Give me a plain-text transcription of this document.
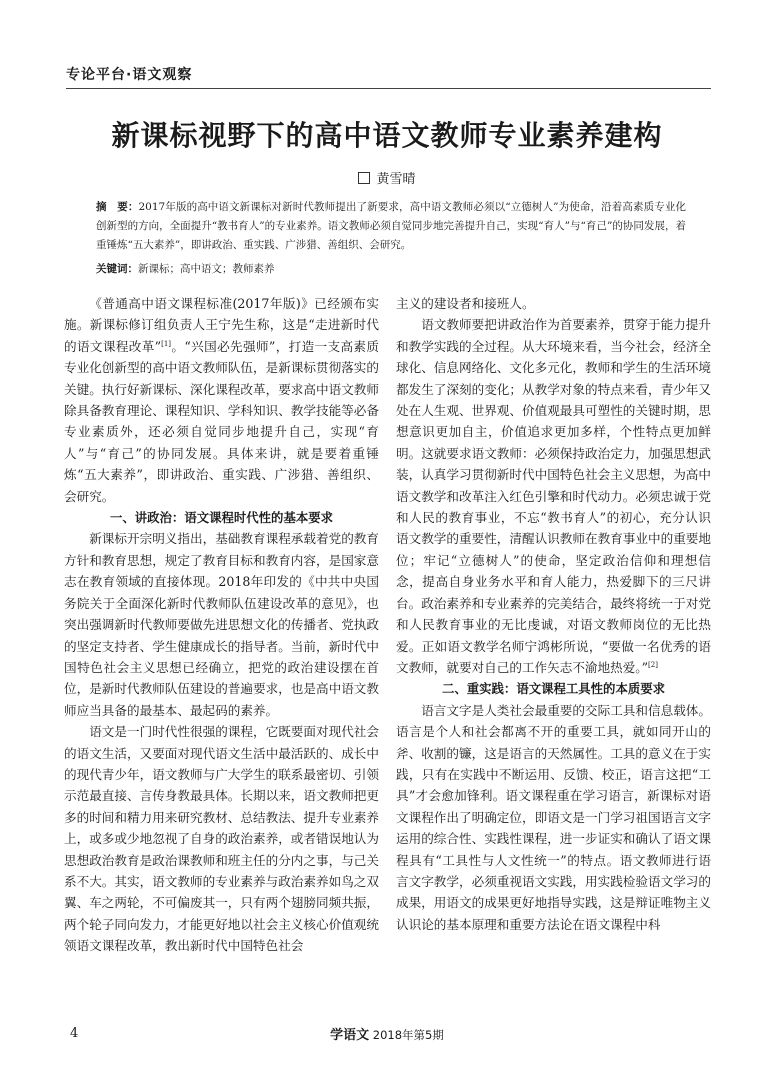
专论平台·语文观察
新课标视野下的高中语文教师专业素养建构
黄雪晴
摘　要：2017年版的高中语文新课标对新时代教师提出了新要求，高中语文教师必须以“立德树人”为使命，沿着高素质专业化创新型的方向，全面提升“教书育人”的专业素养。语文教师必须自觉同步地完善提升自己，实现“育人”与“育己”的协同发展，着重锤炼“五大素养”，即讲政治、重实践、广涉猎、善组织、会研究。
关键词：新课标；高中语文；教师素养

《普通高中语文课程标准(2017年版)》已经颁布实施。新课标修订组负责人王宁先生称，这是“走进新时代的语文课程改革”[1]。“兴国必先强师”，打造一支高素质专业化创新型的高中语文教师队伍，是新课标贯彻落实的关键。执行好新课标、深化课程改革，要求高中语文教师除具备教育理论、课程知识、学科知识、教学技能等必备专业素质外，还必须自觉同步地提升自己，实现“育人”与“育己”的协同发展。具体来讲，就是要着重锤炼“五大素养”，即讲政治、重实践、广涉猎、善组织、会研究。

一、讲政治：语文课程时代性的基本要求

新课标开宗明义指出，基础教育课程承载着党的教育方针和教育思想，规定了教育目标和教育内容，是国家意志在教育领域的直接体现。2018年印发的《中共中央国务院关于全面深化新时代教师队伍建设改革的意见》，也突出强调新时代教师要做先进思想文化的传播者、党执政的坚定支持者、学生健康成长的指导者。当前，新时代中国特色社会主义思想已经确立，把党的政治建设摆在首位，是新时代教师队伍建设的普遍要求，也是高中语文教师应当具备的最基本、最起码的素养。

语文是一门时代性很强的课程，它既要面对现代社会的语文生活，又要面对现代语文生活中最活跃的、成长中的现代青少年，语文教师与广大学生的联系最密切、引领示范最直接、言传身教最具体。长期以来，语文教师把更多的时间和精力用来研究教材、总结教法、提升专业素养上，或多或少地忽视了自身的政治素养，或者错误地认为思想政治教育是政治课教师和班主任的分内之事，与己关系不大。其实，语文教师的专业素养与政治素养如鸟之双翼、车之两轮，不可偏废其一，只有两个翅膀同频共振，两个轮子同向发力，才能更好地以社会主义核心价值观统领语文课程改革，教出新时代中国特色社会

主义的建设者和接班人。

语文教师要把讲政治作为首要素养，贯穿于能力提升和教学实践的全过程。从大环境来看，当今社会，经济全球化、信息网络化、文化多元化，教师和学生的生活环境都发生了深刻的变化；从教学对象的特点来看，青少年又处在人生观、世界观、价值观最具可塑性的关键时期，思想意识更加自主，价值追求更加多样，个性特点更加鲜明。这就要求语文教师：必须保持政治定力，加强思想武装，认真学习贯彻新时代中国特色社会主义思想，为高中语文教学和改革注入红色引擎和时代动力。必须忠诚于党和人民的教育事业，不忘“教书育人”的初心，充分认识语文教学的重要性，清醒认识教师在教育事业中的重要地位；牢记“立德树人”的使命，坚定政治信仰和理想信念，提高自身业务水平和育人能力，热爱脚下的三尺讲台。政治素养和专业素养的完美结合，最终将统一于对党和人民教育事业的无比虔诚，对语文教师岗位的无比热爱。正如语文教学名师宁鸿彬所说，“要做一名优秀的语文教师，就要对自己的工作矢志不渝地热爱。”[2]

二、重实践：语文课程工具性的本质要求

语言文字是人类社会最重要的交际工具和信息载体。语言是个人和社会都离不开的重要工具，就如同开山的斧、收割的镰，这是语言的天然属性。工具的意义在于实践，只有在实践中不断运用、反馈、校正，语言这把“工具”才会愈加锋利。语文课程重在学习语言，新课标对语文课程作出了明确定位，即语文是一门学习祖国语言文字运用的综合性、实践性课程，进一步证实和确认了语文课程具有“工具性与人文性统一”的特点。语文教师进行语言文字教学，必须重视语文实践，用实践检验语文学习的成果，用语文的成果更好地指导实践，这是辩证唯物主义认识论的基本原理和重要方法论在语文课程中科

4	学语文 2018年第5期
